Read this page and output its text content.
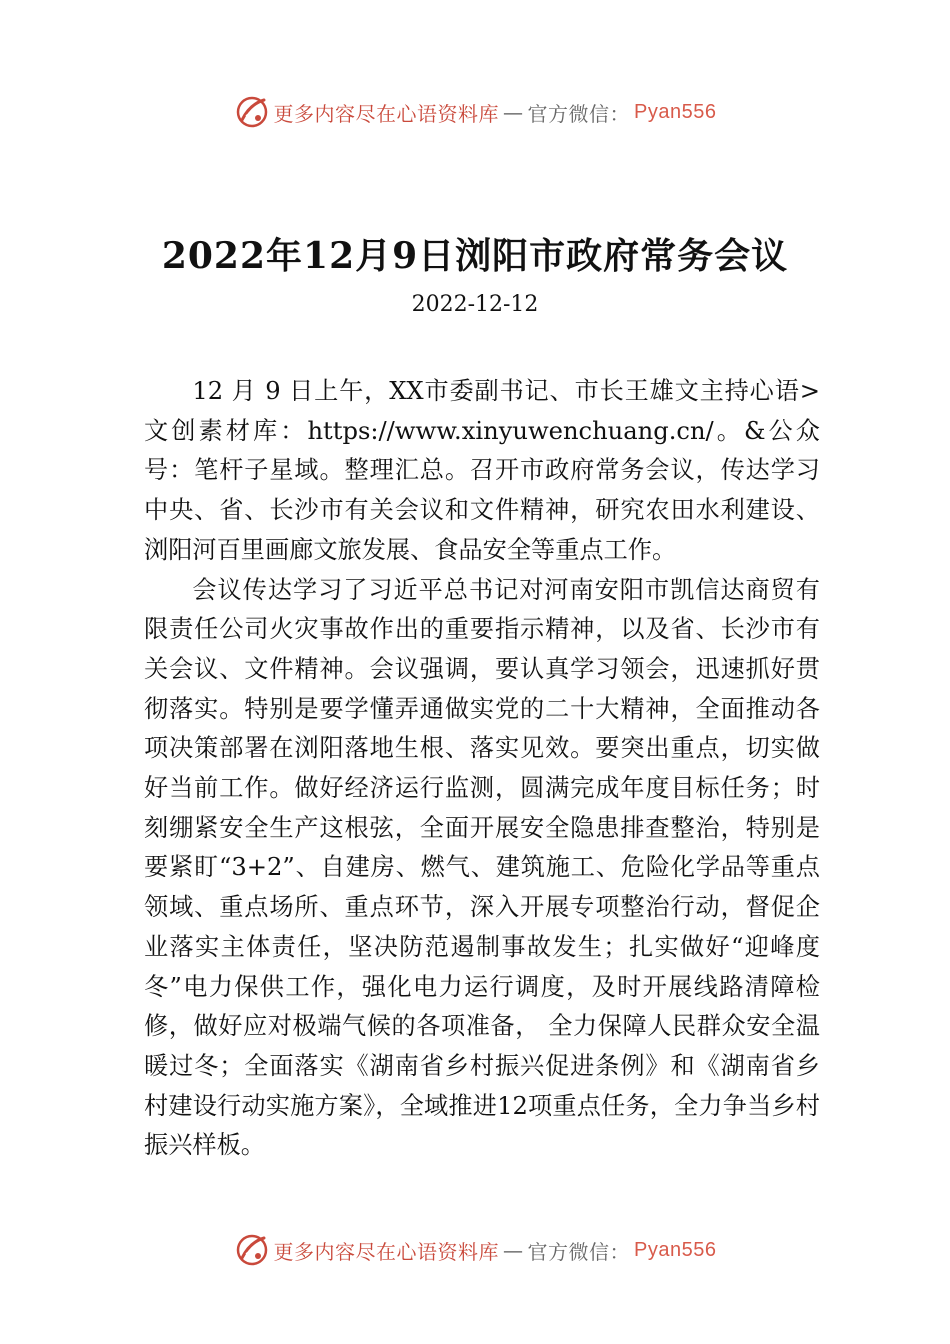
更多内容尽在心语资料库 — 官方微信： Pyan556
2022年12月9日浏阳市政府常务会议
2022-12-12

12 月 9 日上午，XX市委副书记、市长王雄文主持心语>文创素材库：https://www.xinyuwenchuang.cn/。&公众号：笔杆子星域。整理汇总。召开市政府常务会议，传达学习中央、省、长沙市有关会议和文件精神，研究农田水利建设、浏阳河百里画廊文旅发展、食品安全等重点工作。

会议传达学习了习近平总书记对河南安阳市凯信达商贸有限责任公司火灾事故作出的重要指示精神，以及省、长沙市有关会议、文件精神。会议强调，要认真学习领会，迅速抓好贯彻落实。特别是要学懂弄通做实党的二十大精神，全面推动各项决策部署在浏阳落地生根、落实见效。要突出重点，切实做好当前工作。做好经济运行监测，圆满完成年度目标任务；时刻绷紧安全生产这根弦，全面开展安全隐患排查整治，特别是要紧盯“3+2”、自建房、燃气、建筑施工、危险化学品等重点领域、重点场所、重点环节，深入开展专项整治行动，督促企业落实主体责任，坚决防范遏制事故发生；扎实做好“迎峰度冬”电力保供工作，强化电力运行调度，及时开展线路清障检修，做好应对极端气候的各项准备， 全力保障人民群众安全温暖过冬；全面落实《湖南省乡村振兴促进条例》和《湖南省乡村建设行动实施方案》，全域推进12项重点任务，全力争当乡村振兴样板。

更多内容尽在心语资料库 — 官方微信： Pyan556
